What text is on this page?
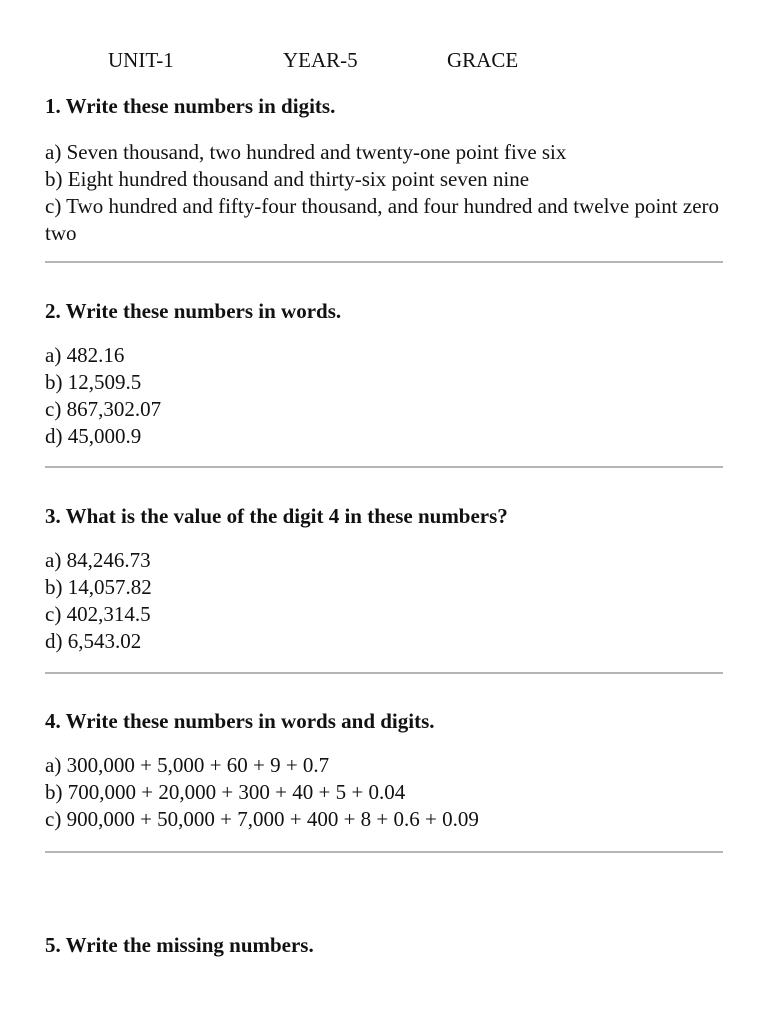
UNIT-1	YEAR-5	GRACE

1. Write these numbers in digits.

a) Seven thousand, two hundred and twenty-one point five six
b) Eight hundred thousand and thirty-six point seven nine
c) Two hundred and fifty-four thousand, and four hundred and twelve point zero two

2. Write these numbers in words.

a) 482.16
b) 12,509.5
c) 867,302.07
d) 45,000.9

3. What is the value of the digit 4 in these numbers?

a) 84,246.73
b) 14,057.82
c) 402,314.5
d) 6,543.02

4. Write these numbers in words and digits.

a) 300,000 + 5,000 + 60 + 9 + 0.7
b) 700,000 + 20,000 + 300 + 40 + 5 + 0.04
c) 900,000 + 50,000 + 7,000 + 400 + 8 + 0.6 + 0.09

5. Write the missing numbers.
